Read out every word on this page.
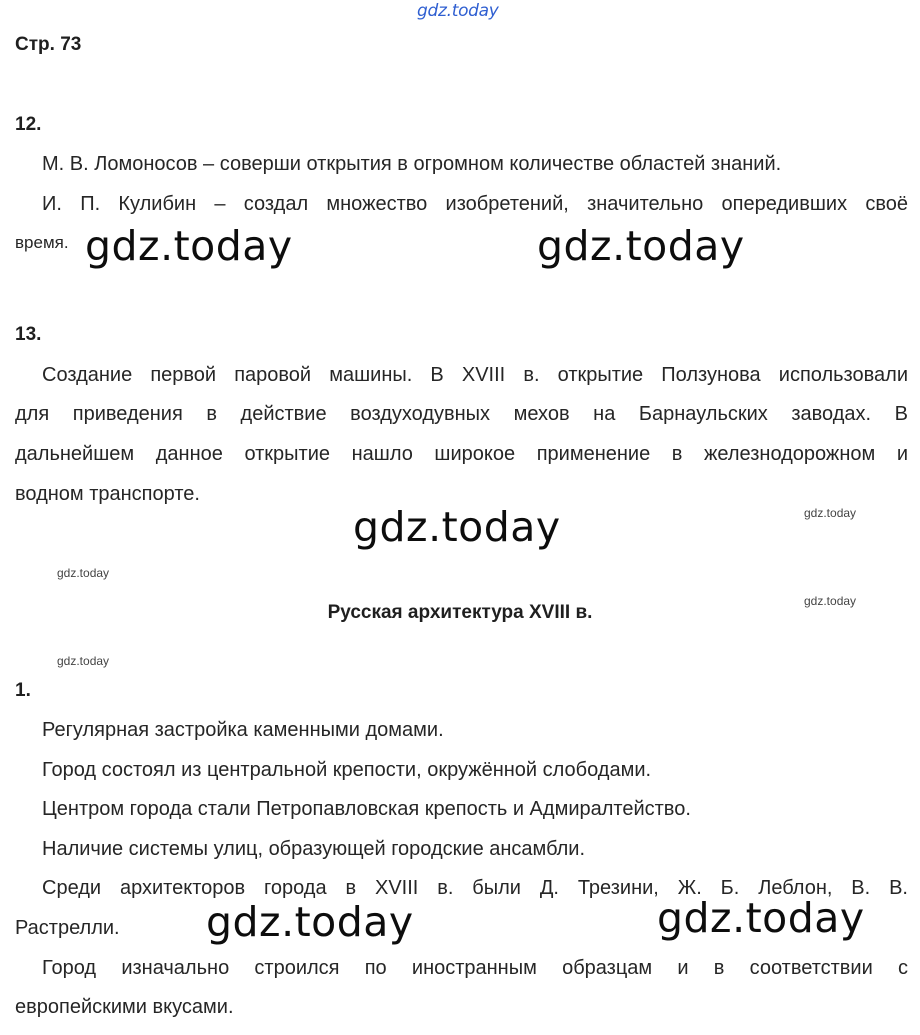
gdz.today
Стр. 73
12.
М. В. Ломоносов – соверши открытия в огромном количестве областей знаний.
И. П. Кулибин – создал множество изобретений, значительно опередивших своё
время. gdz.today	gdz.today
13.
Создание первой паровой машины. В XVIII в. открытие Ползунова использовали
для приведения в действие воздуходувных мехов на Барнаульских заводах. В
дальнейшем данное открытие нашло широкое применение в железнодорожном и
водном транспорте.
gdz.today
gdz.today
gdz.today
Русская архитектура XVIII в.
gdz.today
gdz.today
1.
Регулярная застройка каменными домами.
Город состоял из центральной крепости, окружённой слободами.
Центром города стали Петропавловская крепость и Адмиралтейство.
Наличие системы улиц, образующей городские ансамбли.
Среди архитекторов города в XVIII в. были Д. Трезини, Ж. Б. Леблон, В. В.
Растрелли. gdz.today	gdz.today
Город изначально строился по иностранным образцам и в соответствии с
европейскими вкусами.
